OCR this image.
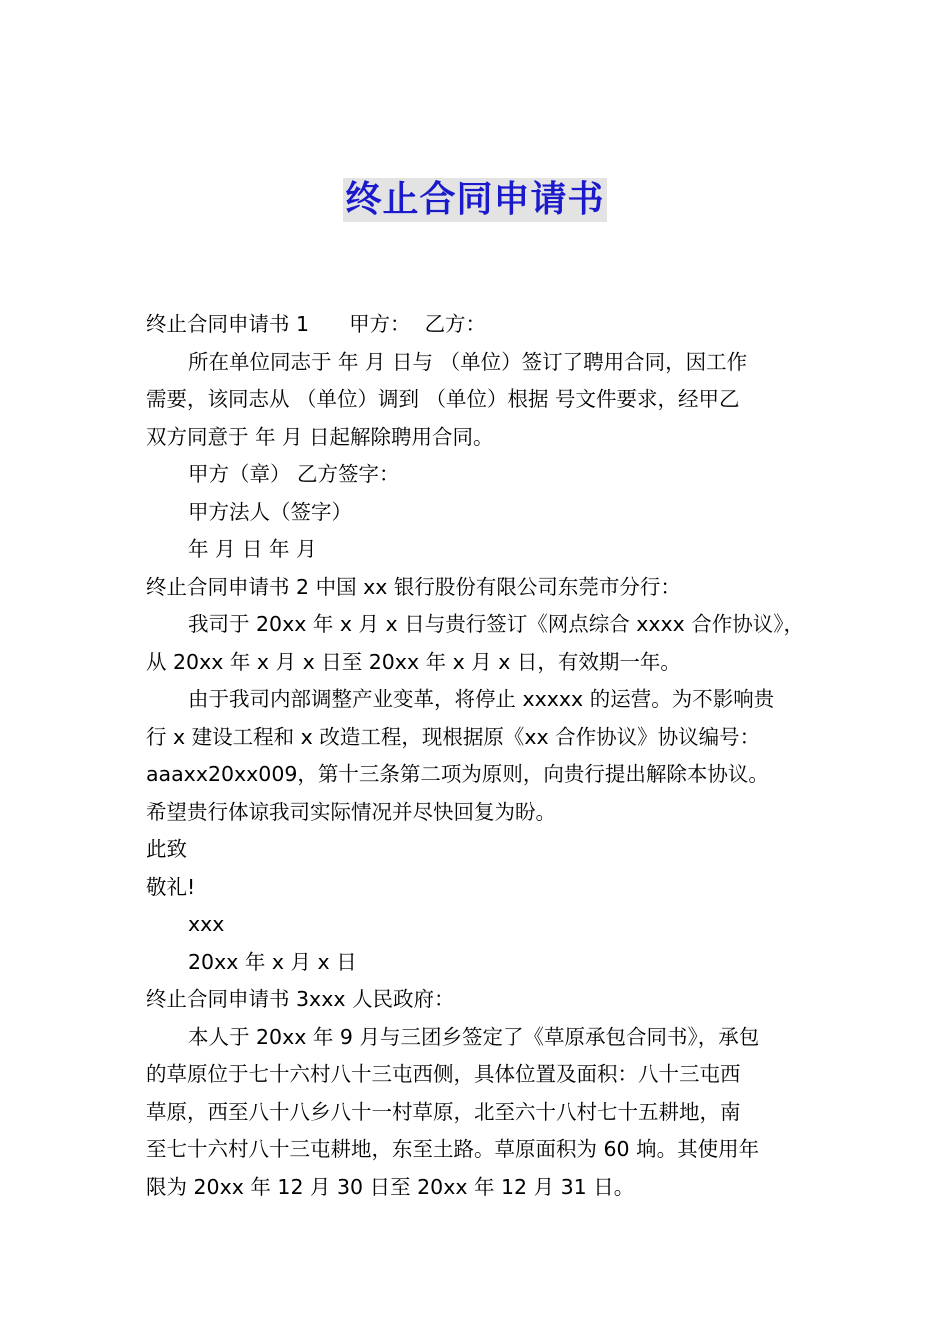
终止合同申请书
终止合同申请书 1 甲方： 乙方：
所在单位同志于 年 月 日与 （单位）签订了聘用合同，因工作
需要，该同志从 （单位）调到 （单位）根据 号文件要求，经甲乙
双方同意于 年 月 日起解除聘用合同。
甲方（章） 乙方签字：
甲方法人（签字）
年 月 日 年 月
终止合同申请书 2 中国 xx 银行股份有限公司东莞市分行：
我司于 20xx 年 x 月 x 日与贵行签订《网点综合 xxxx 合作协议》，
从 20xx 年 x 月 x 日至 20xx 年 x 月 x 日，有效期一年。
由于我司内部调整产业变革，将停止 xxxxx 的运营。为不影响贵
行 x 建设工程和 x 改造工程，现根据原《xx 合作协议》协议编号：
aaaxx20xx009，第十三条第二项为原则，向贵行提出解除本协议。
希望贵行体谅我司实际情况并尽快回复为盼。
此致
敬礼!
xxx
20xx 年 x 月 x 日
终止合同申请书 3xxx 人民政府：
本人于 20xx 年 9 月与三团乡签定了《草原承包合同书》，承包
的草原位于七十六村八十三屯西侧，具体位置及面积：八十三屯西
草原，西至八十八乡八十一村草原，北至六十八村七十五耕地，南
至七十六村八十三屯耕地，东至土路。草原面积为 60 垧。其使用年
限为 20xx 年 12 月 30 日至 20xx 年 12 月 31 日。
